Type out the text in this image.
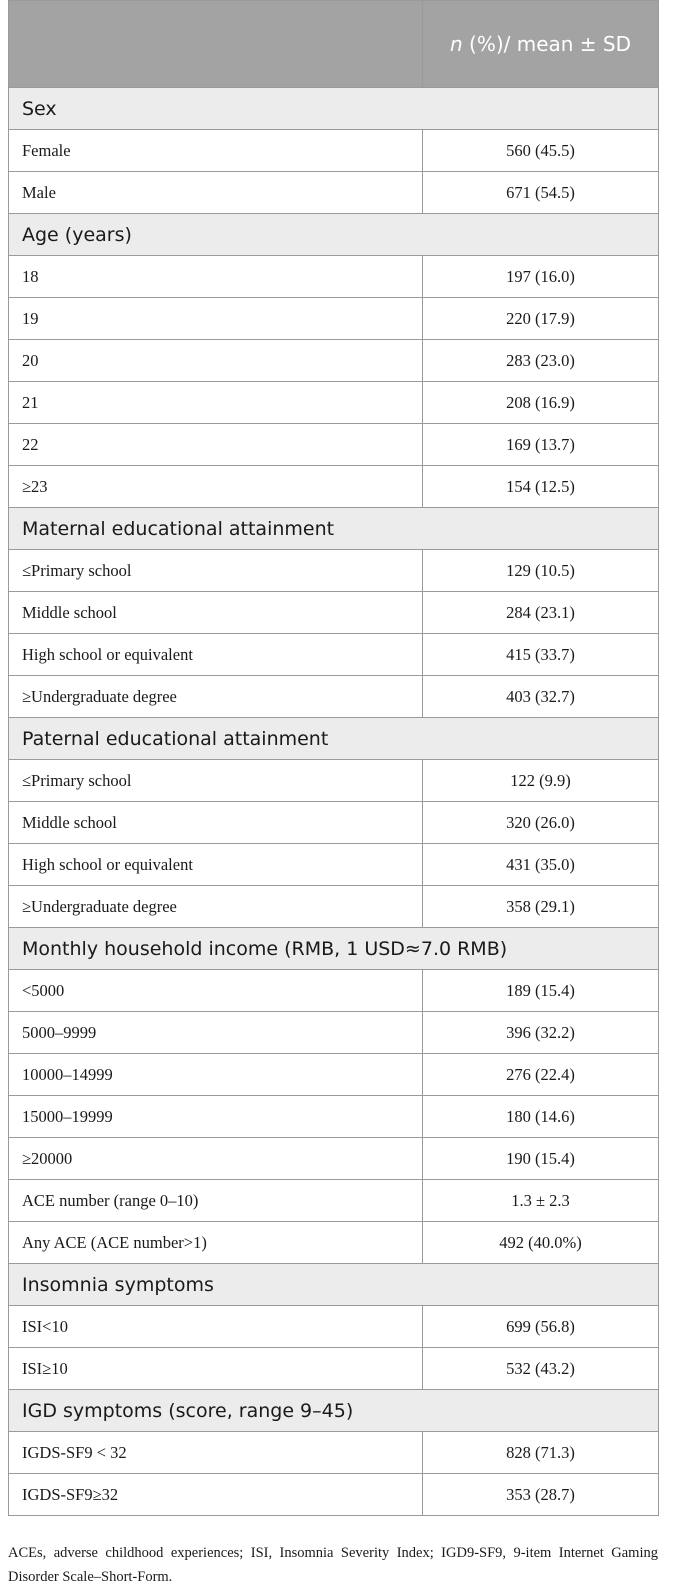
	n (%)/ mean ± SD
Sex	
Female	560 (45.5)
Male	671 (54.5)
Age (years)	
18	197 (16.0)
19	220 (17.9)
20	283 (23.0)
21	208 (16.9)
22	169 (13.7)
≥23	154 (12.5)
Maternal educational attainment	
≤Primary school	129 (10.5)
Middle school	284 (23.1)
High school or equivalent	415 (33.7)
≥Undergraduate degree	403 (32.7)
Paternal educational attainment	
≤Primary school	122 (9.9)
Middle school	320 (26.0)
High school or equivalent	431 (35.0)
≥Undergraduate degree	358 (29.1)
Monthly household income (RMB, 1 USD≈7.0 RMB)	
<5000	189 (15.4)
5000–9999	396 (32.2)
10000–14999	276 (22.4)
15000–19999	180 (14.6)
≥20000	190 (15.4)
ACE number (range 0–10)	1.3 ± 2.3
Any ACE (ACE number>1)	492 (40.0%)
Insomnia symptoms	
ISI<10	699 (56.8)
ISI≥10	532 (43.2)
IGD symptoms (score, range 9–45)	
IGDS-SF9 < 32	828 (71.3)
IGDS-SF9≥32	353 (28.7)
ACEs, adverse childhood experiences; ISI, Insomnia Severity Index; IGD9-SF9, 9-item Internet Gaming Disorder Scale–Short-Form.
